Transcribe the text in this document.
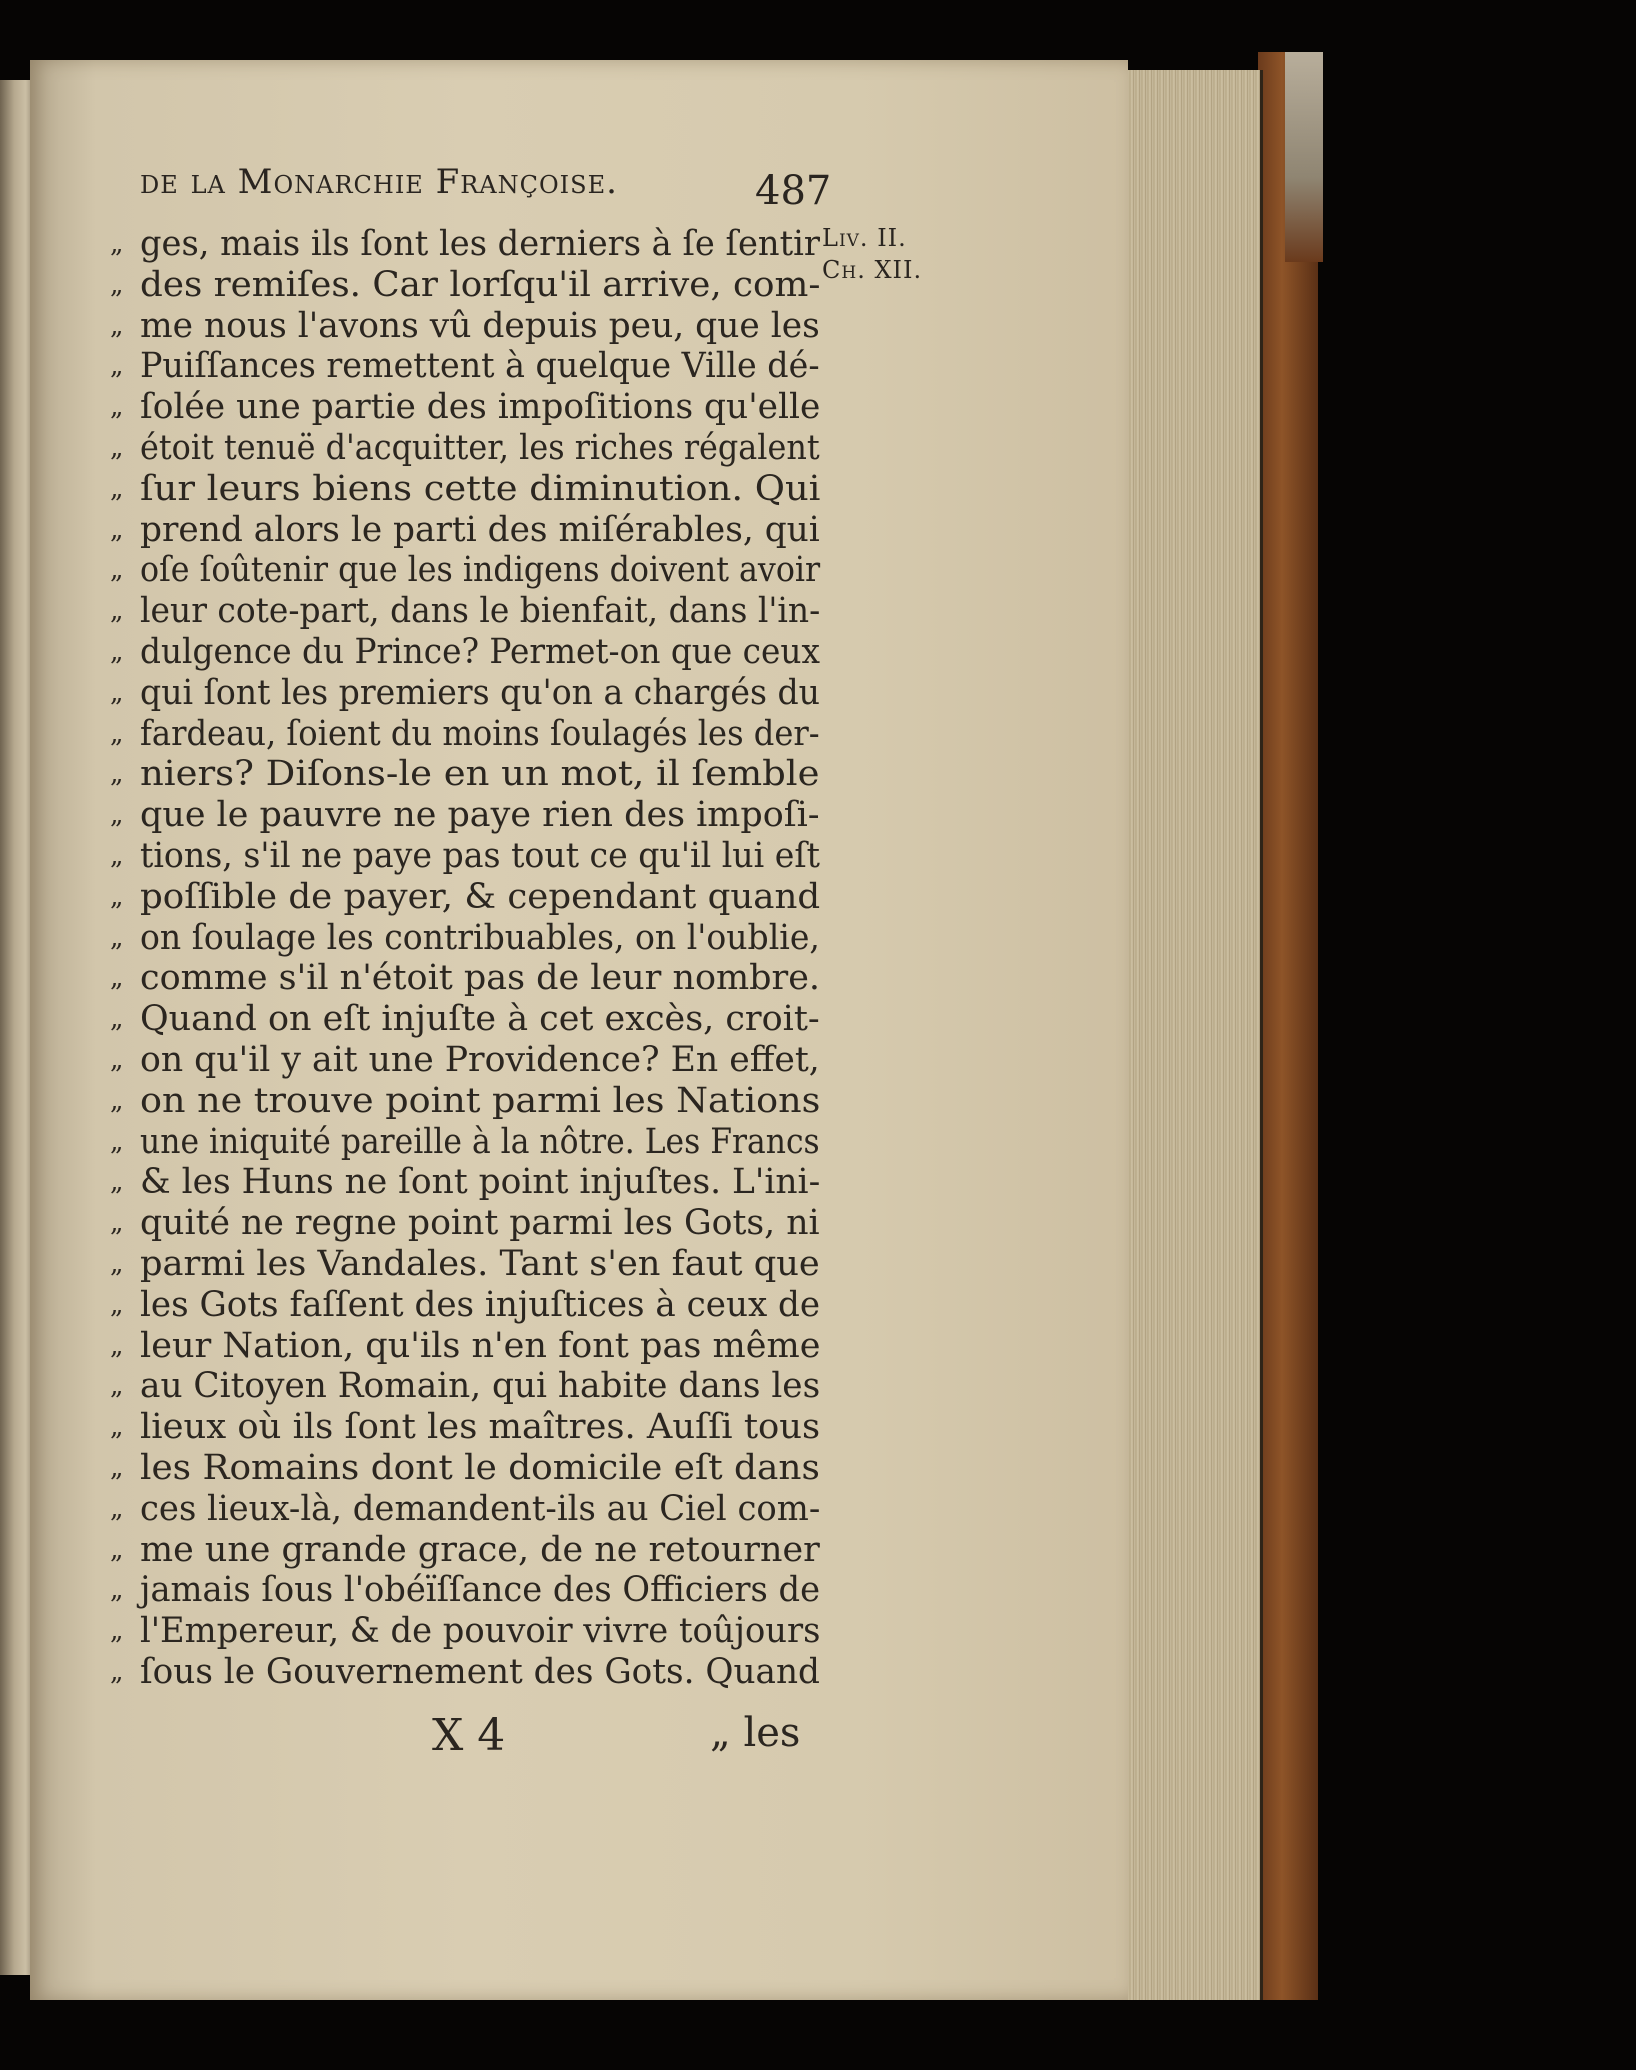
de la Monarchie Françoise.	487
Liv. II.
Ch. XII.
„ ges, mais ils ſont les derniers à ſe ſentir
„ des remiſes. Car lorſqu'il arrive, com-
„ me nous l'avons vû depuis peu, que les
„ Puiſſances remettent à quelque Ville dé-
„ ſolée une partie des impoſitions qu'elle
„ étoit tenuë d'acquitter, les riches régalent
„ ſur leurs biens cette diminution. Qui
„ prend alors le parti des miſérables, qui
„ oſe ſoûtenir que les indigens doivent avoir
„ leur cote-part, dans le bienfait, dans l'in-
„ dulgence du Prince? Permet-on que ceux
„ qui ſont les premiers qu'on a chargés du
„ fardeau, ſoient du moins ſoulagés les der-
„ niers? Diſons-le en un mot, il ſemble
„ que le pauvre ne paye rien des impoſi-
„ tions, s'il ne paye pas tout ce qu'il lui eſt
„ poſſible de payer, & cependant quand
„ on ſoulage les contribuables, on l'oublie,
„ comme s'il n'étoit pas de leur nombre.
„ Quand on eſt injuſte à cet excès, croit-
„ on qu'il y ait une Providence? En effet,
„ on ne trouve point parmi les Nations
„ une iniquité pareille à la nôtre. Les Francs
„ & les Huns ne ſont point injuſtes. L'ini-
„ quité ne regne point parmi les Gots, ni
„ parmi les Vandales. Tant s'en faut que
„ les Gots faſſent des injuſtices à ceux de
„ leur Nation, qu'ils n'en font pas même
„ au Citoyen Romain, qui habite dans les
„ lieux où ils ſont les maîtres. Auſſi tous
„ les Romains dont le domicile eſt dans
„ ces lieux-là, demandent-ils au Ciel com-
„ me une grande grace, de ne retourner
„ jamais ſous l'obéïſſance des Officiers de
„ l'Empereur, & de pouvoir vivre toûjours
„ ſous le Gouvernement des Gots. Quand
X 4	„ les
